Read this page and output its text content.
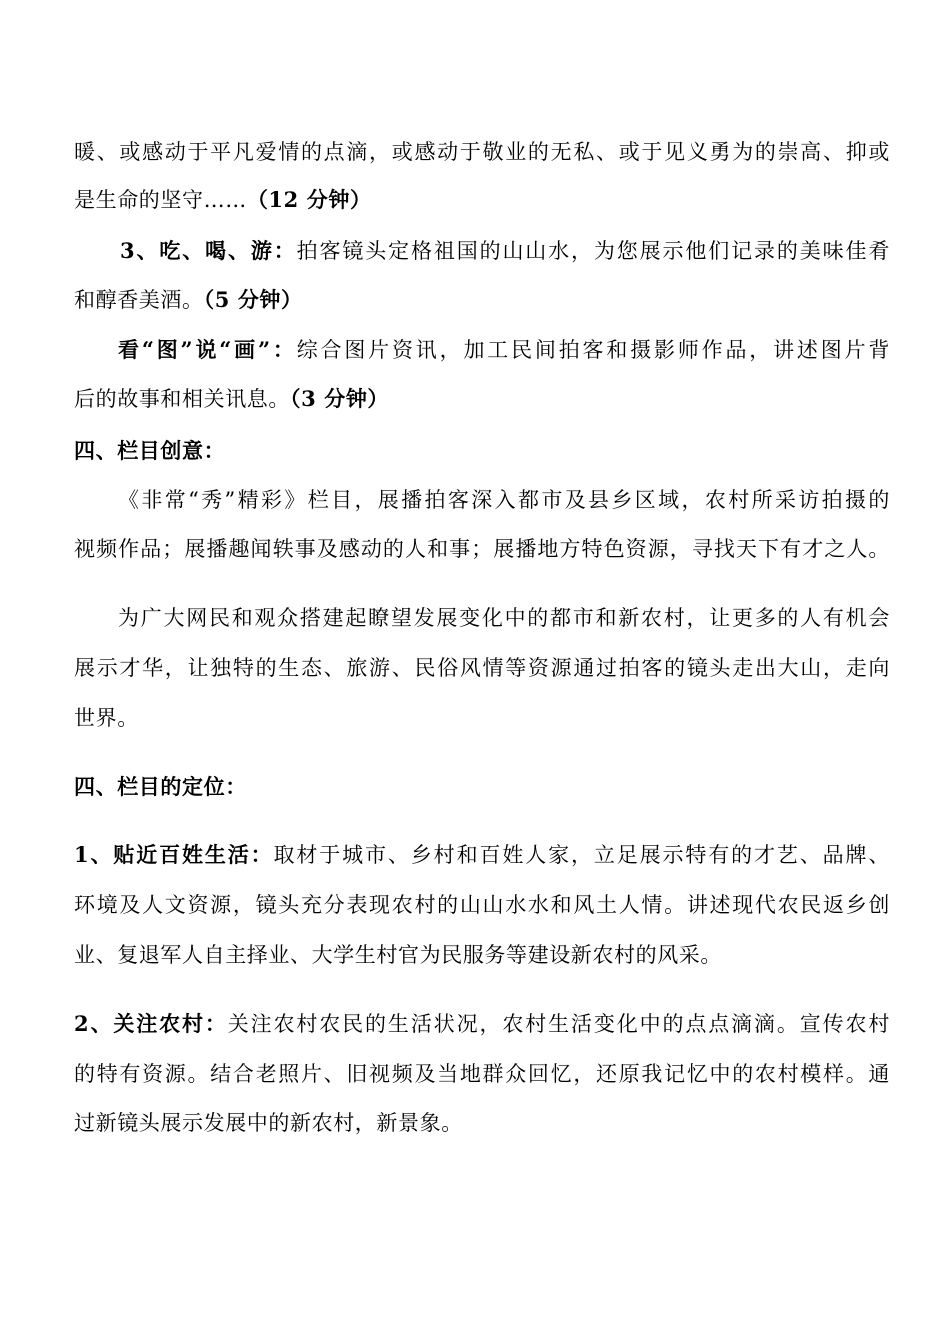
暖、或感动于平凡爱情的点滴，或感动于敬业的无私、或于见义勇为的崇高、抑或
是生命的坚守……（12 分钟）
3、吃、喝、游：拍客镜头定格祖国的山山水，为您展示他们记录的美味佳肴
和醇香美酒。（5 分钟）
看“图”说“画”：综合图片资讯，加工民间拍客和摄影师作品，讲述图片背
后的故事和相关讯息。（3 分钟）
四、栏目创意：
《非常“秀”精彩》栏目，展播拍客深入都市及县乡区域，农村所采访拍摄的
视频作品；展播趣闻轶事及感动的人和事；展播地方特色资源，寻找天下有才之人。
为广大网民和观众搭建起瞭望发展变化中的都市和新农村，让更多的人有机会
展示才华，让独特的生态、旅游、民俗风情等资源通过拍客的镜头走出大山，走向
世界。
四、栏目的定位：
1、贴近百姓生活：取材于城市、乡村和百姓人家，立足展示特有的才艺、品牌、
环境及人文资源，镜头充分表现农村的山山水水和风土人情。讲述现代农民返乡创
业、复退军人自主择业、大学生村官为民服务等建设新农村的风采。
2、关注农村：关注农村农民的生活状况，农村生活变化中的点点滴滴。宣传农村
的特有资源。结合老照片、旧视频及当地群众回忆，还原我记忆中的农村模样。通
过新镜头展示发展中的新农村，新景象。
